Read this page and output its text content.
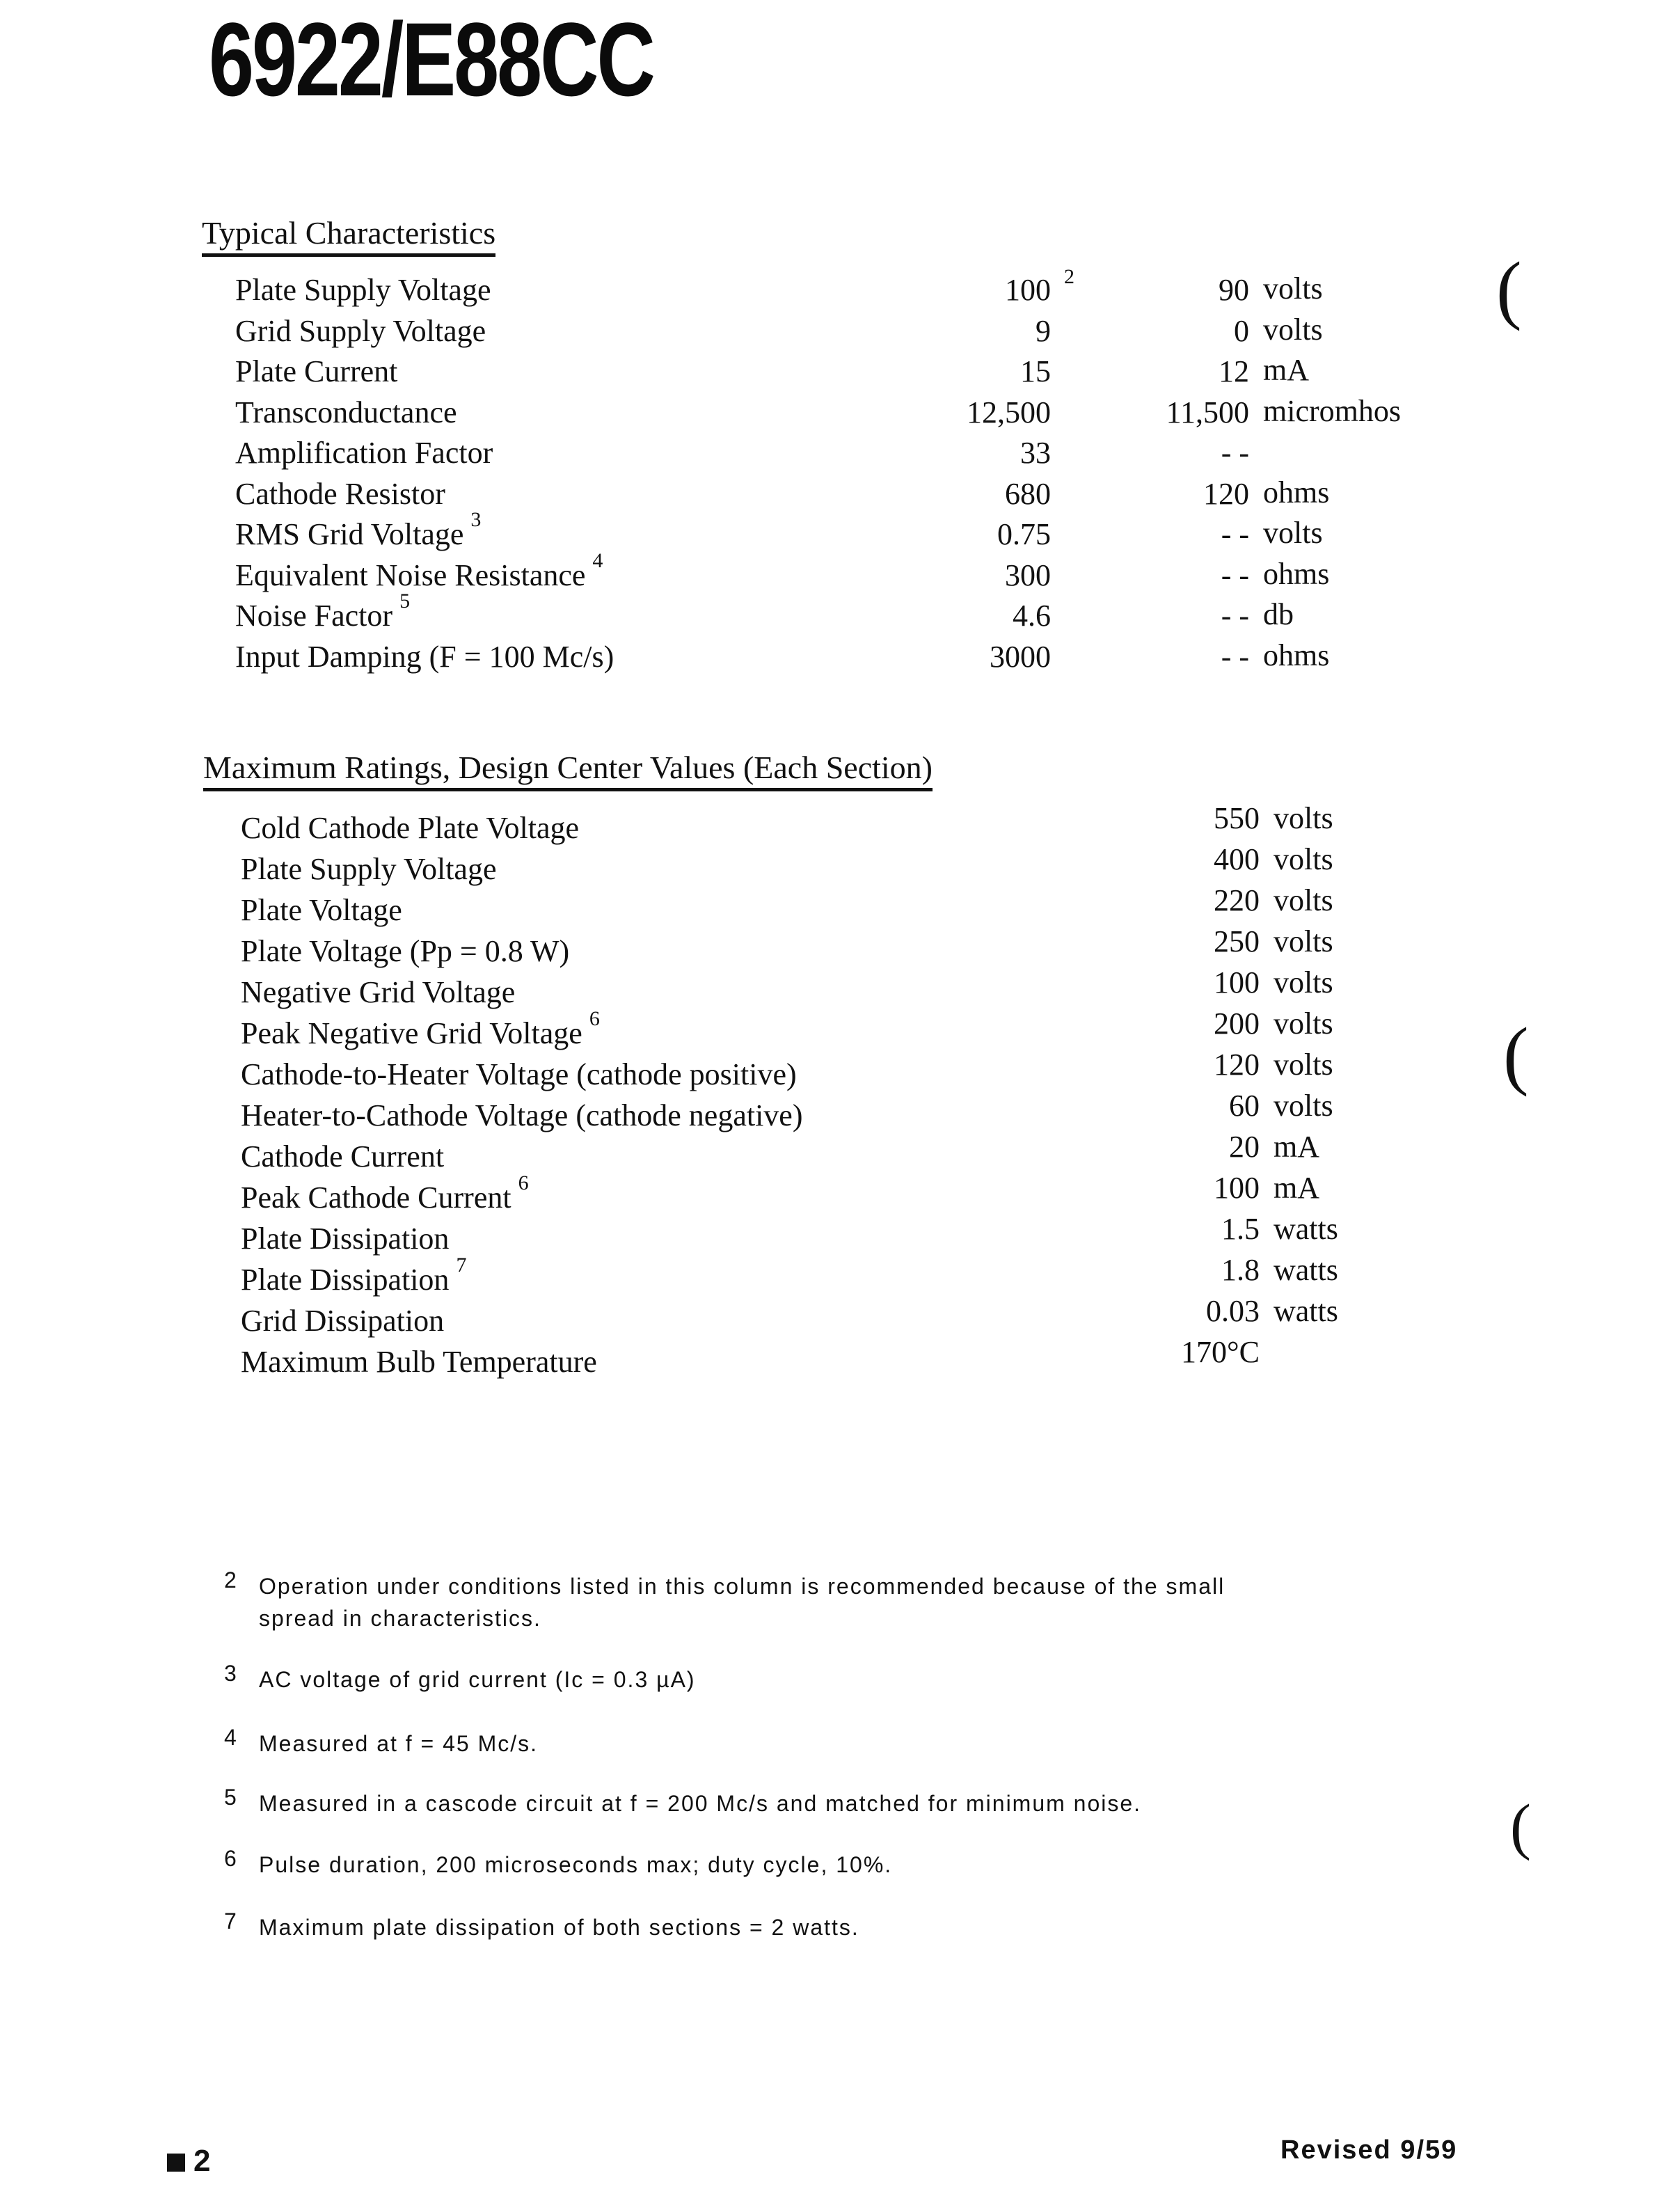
6922/E88CC
Typical Characteristics
Plate Supply Voltage	100 2	90 volts
Grid Supply Voltage	9	0 volts
Plate Current	15	12 mA
Transconductance	12,500	11,500 micromhos
Amplification Factor	33	- -
Cathode Resistor	680	120 ohms
RMS Grid Voltage $^3$	0.75	- - volts
Equivalent Noise Resistance $^4$	300	- - ohms
Noise Factor $^5$	4.6	- - db
Input Damping (F = 100 Mc/s)	3000	- - ohms
Maximum Ratings, Design Center Values (Each Section)
Cold Cathode Plate Voltage	550 volts
Plate Supply Voltage	400 volts
Plate Voltage	220 volts
Plate Voltage (Pp = 0.8 W)	250 volts
Negative Grid Voltage	100 volts
Peak Negative Grid Voltage $^6$	200 volts
Cathode-to-Heater Voltage (cathode positive)	120 volts
Heater-to-Cathode Voltage (cathode negative)	60 volts
Cathode Current	20 mA
Peak Cathode Current $^6$	100 mA
Plate Dissipation	1.5 watts
Plate Dissipation $^7$	1.8 watts
Grid Dissipation	0.03 watts
Maximum Bulb Temperature	170°C
2 Operation under conditions listed in this column is recommended because of the small
spread in characteristics.
3 AC voltage of grid current (Ic = 0.3 µA)
4 Measured at f = 45 Mc/s.
5 Measured in a cascode circuit at f = 200 Mc/s and matched for minimum noise.
6 Pulse duration, 200 microseconds max; duty cycle, 10%.
7 Maximum plate dissipation of both sections = 2 watts.
(
(
(
2	Revised 9/59
